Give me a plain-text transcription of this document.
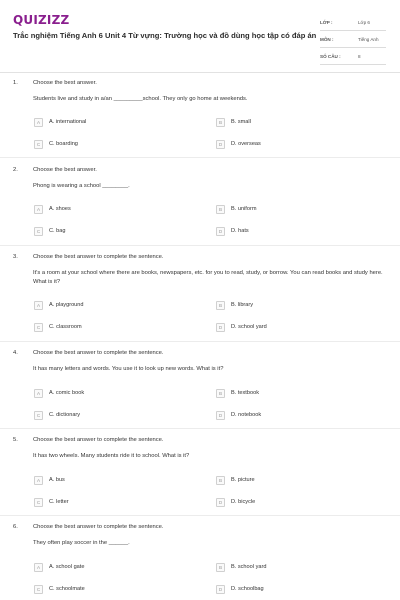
QUIZIZZ
Trắc nghiệm Tiếng Anh 6 Unit 4 Từ vựng: Trường học và đồ dùng học tập có đáp án
LỚP :	Lớp 6
MÔN :	Tiếng Anh
SỐ CÂU :	8
1.	Choose the best answer.
Students live and study in a/an _________school. They only go home at weekends.
A	A. international	B	B. small
C	C. boarding	D	D. overseas
2.	Choose the best answer.
Phong is wearing a school ________.
A	A. shoes	B	B. uniform
C	C. bag	D	D. hats
3.	Choose the best answer to complete the sentence.
It's a room at your school where there are books, newspapers, etc. for you to read, study, or borrow. You can read books and study here. What is it?
A	A. playground	B	B. library
C	C. classroom	D	D. school yard
4.	Choose the best answer to complete the sentence.
It has many letters and words. You use it to look up new words. What is it?
A	A. comic book	B	B. textbook
C	C. dictionary	D	D. notebook
5.	Choose the best answer to complete the sentence.
It has two wheels. Many students ride it to school. What is it?
A	A. bus	B	B. picture
C	C. letter	D	D. bicycle
6.	Choose the best answer to complete the sentence.
They often play soccer in the ______.
A	A. school gate	B	B. school yard
C	C. schoolmate	D	D. schoolbag
